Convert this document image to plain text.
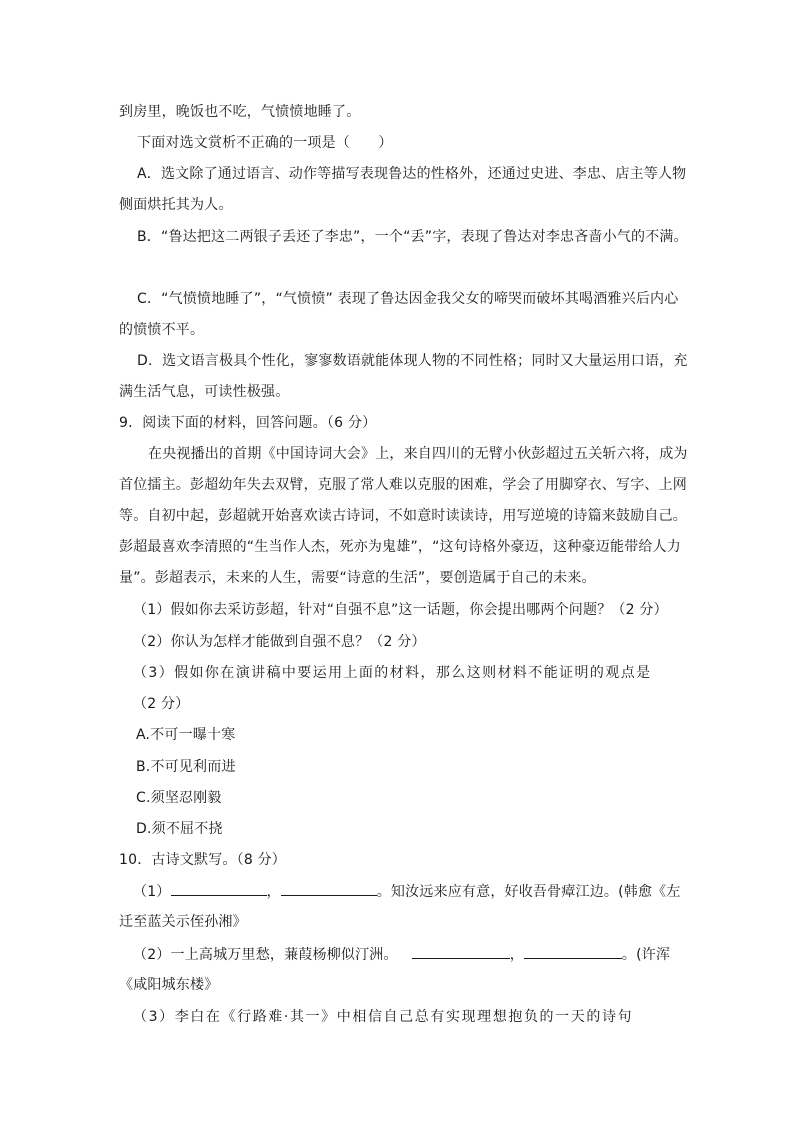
到房里，晚饭也不吃，气愤愤地睡了。
下面对选文赏析不正确的一项是（　　）
A．选文除了通过语言、动作等描写表现鲁达的性格外，还通过史进、李忠、店主等人物
侧面烘托其为人。
B．“鲁达把这二两银子丢还了李忠”，一个“丢”字，表现了鲁达对李忠吝啬小气的不满。
C．“气愤愤地睡了”，“气愤愤” 表现了鲁达因金我父女的啼哭而破坏其喝酒雅兴后内心
的愤愤不平。
D．选文语言极具个性化，寥寥数语就能体现人物的不同性格；同时又大量运用口语，充
满生活气息，可读性极强。
9．阅读下面的材料，回答问题。（6 分）
在央视播出的首期《中国诗词大会》上，来自四川的无臂小伙彭超过五关斩六将，成为
首位擂主。彭超幼年失去双臂，克服了常人难以克服的困难，学会了用脚穿衣、写字、上网
等。自初中起，彭超就开始喜欢读古诗词，不如意时读读诗，用写逆境的诗篇来鼓励自己。
彭超最喜欢李清照的“生当作人杰，死亦为鬼雄”，“这句诗格外豪迈，这种豪迈能带给人力
量”。彭超表示，未来的人生，需要“诗意的生活”，要创造属于自己的未来。
（1）假如你去采访彭超，针对“自强不息”这一话题，你会提出哪两个问题？（2 分）
（2）你认为怎样才能做到自强不息？（2 分）
（3）假如你在演讲稿中要运用上面的材料，那么这则材料不能证明的观点是
（2 分）
A.不可一曝十寒
B.不可见利而进
C.须坚忍刚毅
D.须不屈不挠
10．古诗文默写。（8 分）
（1）	，	。知汝远来应有意，好收吾骨瘴江边。(韩愈《左
迁至蓝关示侄孙湘》
（2）一上高城万里愁，蒹葭杨柳似汀洲。	，	。(许浑
《咸阳城东楼》
（3）李白在《行路难·其一》中相信自己总有实现理想抱负的一天的诗句
